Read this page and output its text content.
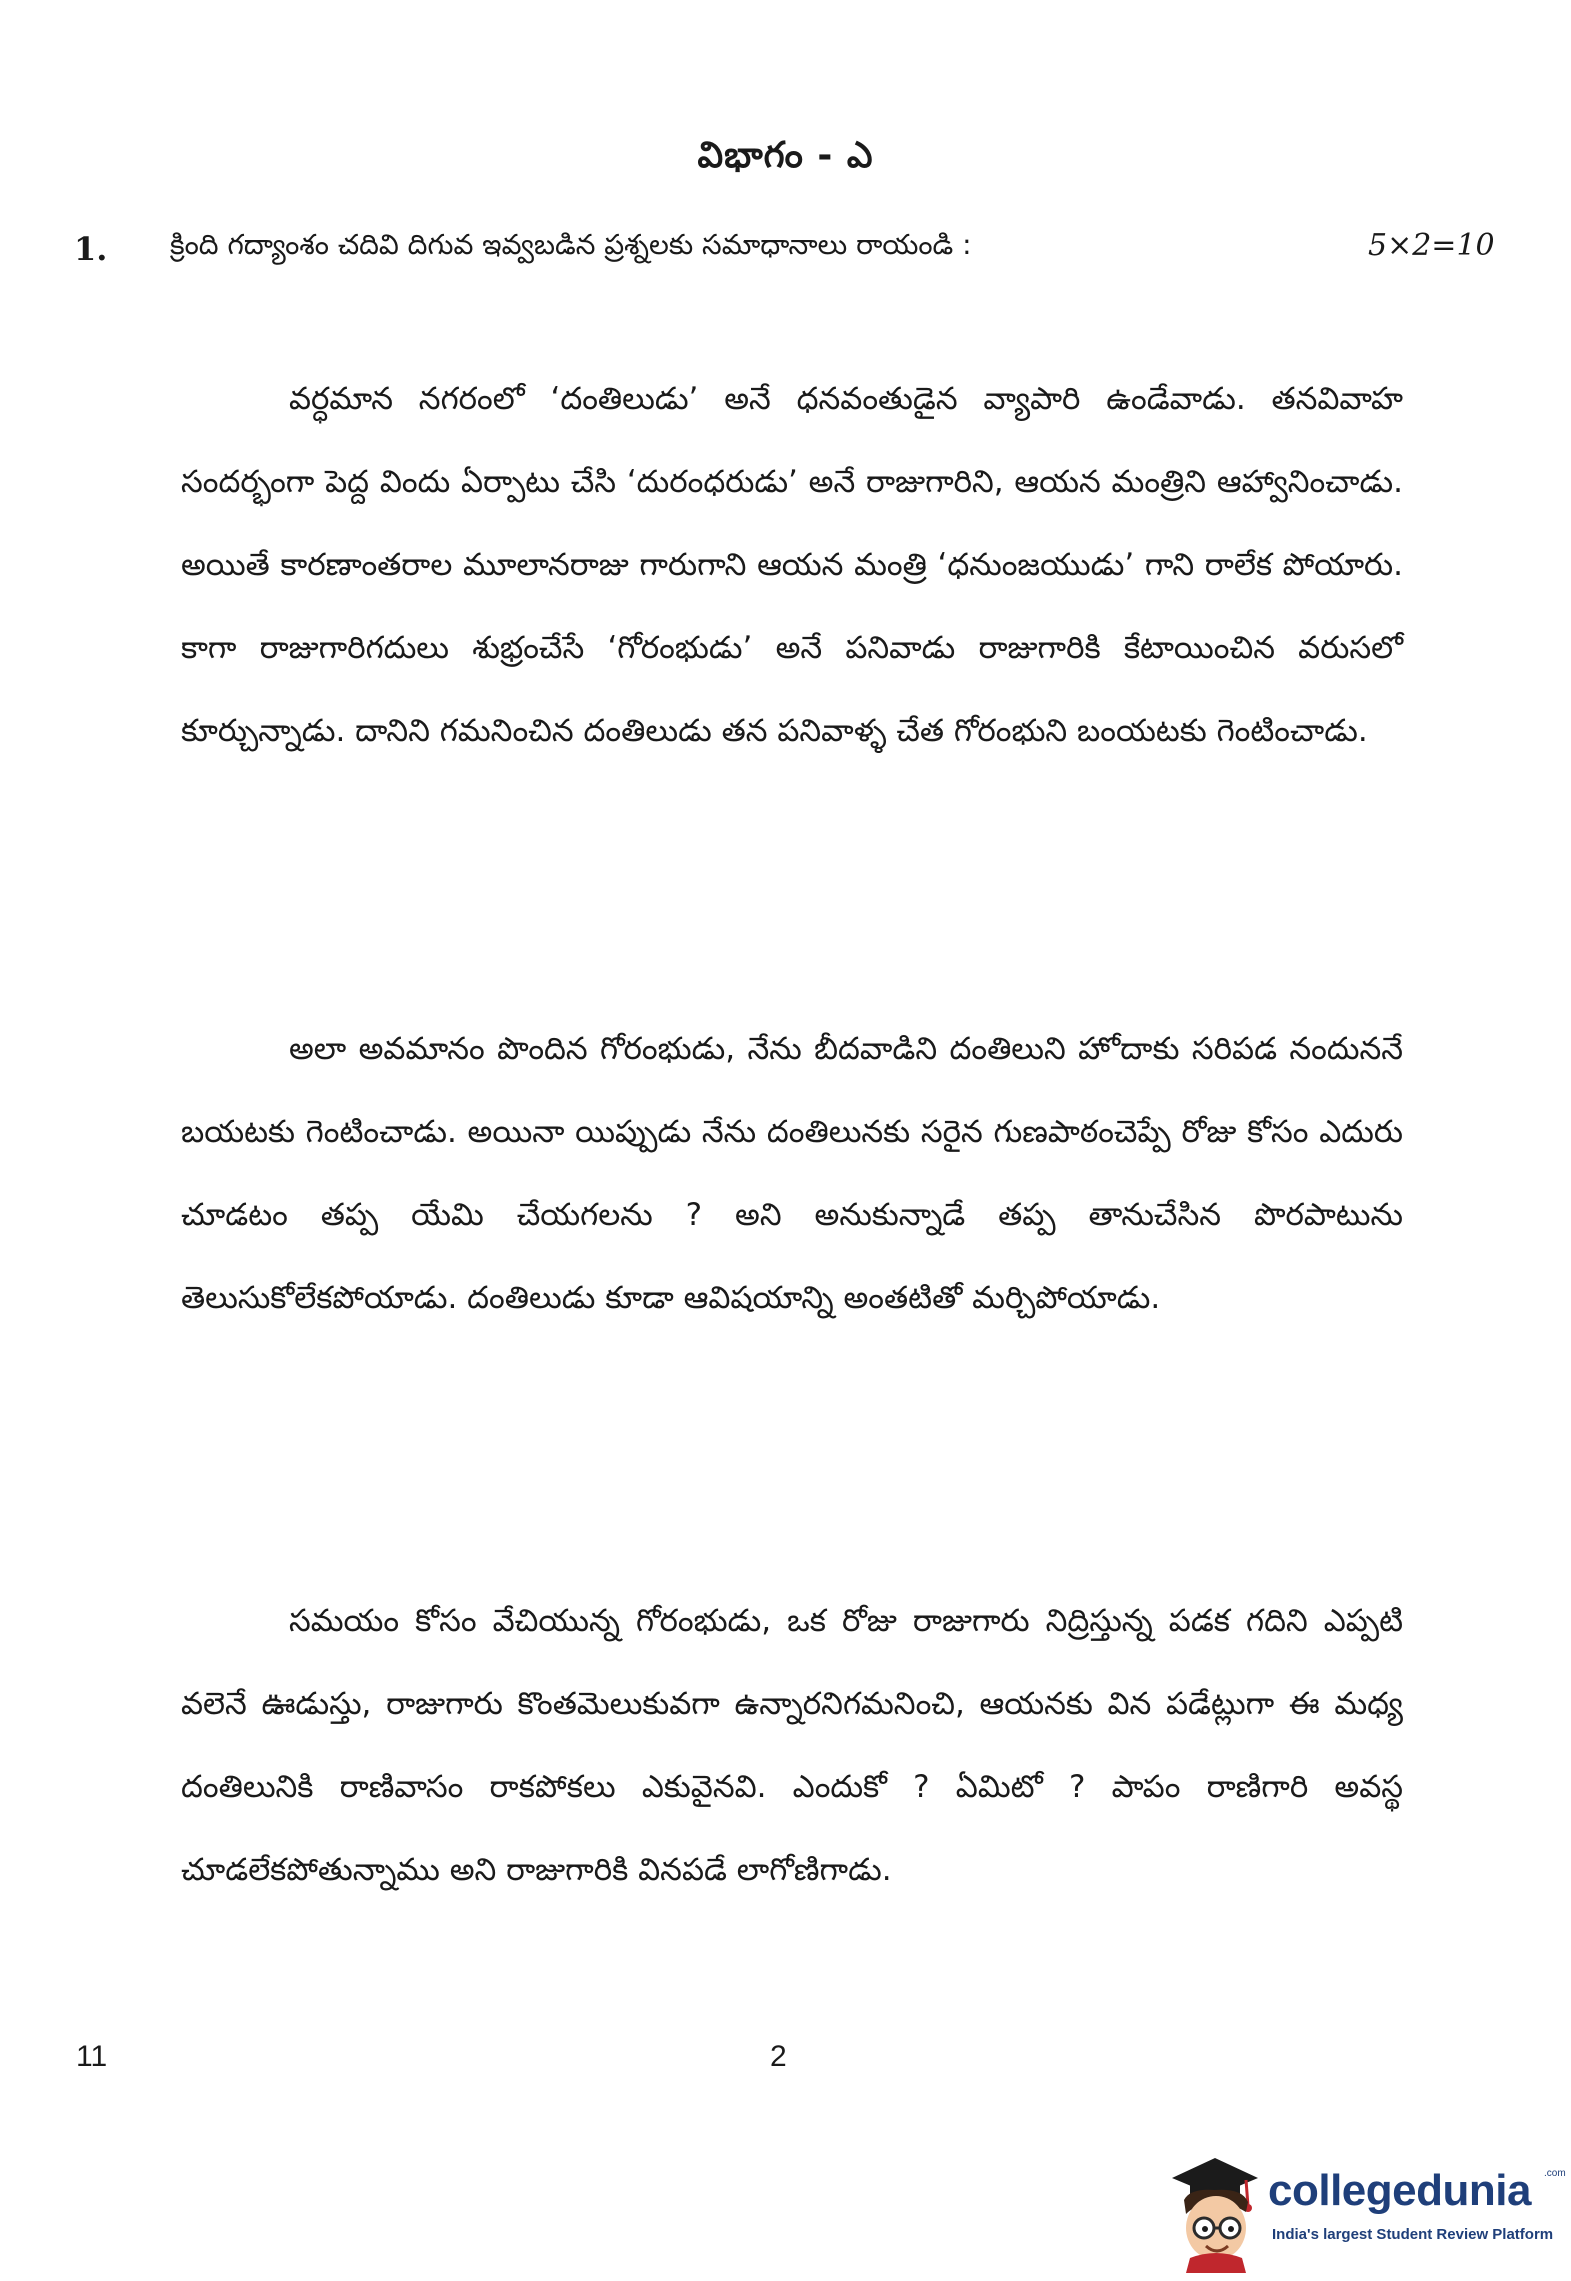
విభాగం - ఎ
1. క్రింది గద్యాంశం చదివి దిగువ ఇవ్వబడిన ప్రశ్నలకు సమాధానాలు రాయండి :	5×2=10

వర్ధమాన నగరంలో ‘దంతిలుడు’ అనే ధనవంతుడైన వ్యాపారి ఉండేవాడు. తనవివాహ సందర్భంగా పెద్ద విందు ఏర్పాటు చేసి ‘దురంధరుడు’ అనే రాజుగారిని, ఆయన మంత్రిని ఆహ్వానించాడు. అయితే కారణాంతరాల మూలానరాజు గారుగాని ఆయన మంత్రి ‘ధనుంజయుడు’ గాని రాలేక పోయారు. కాగా రాజుగారిగదులు శుభ్రంచేసే ‘గోరంభుడు’ అనే పనివాడు రాజుగారికి కేటాయించిన వరుసలో కూర్చున్నాడు. దానిని గమనించిన దంతిలుడు తన పనివాళ్ళ చేత గోరంభుని బంయటకు గెంటించాడు.

అలా అవమానం పొందిన గోరంభుడు, నేను బీదవాడిని దంతిలుని హోదాకు సరిపడ నందుననే బయటకు గెంటించాడు. అయినా యిప్పుడు నేను దంతిలునకు సరైన గుణపాఠంచెప్పే రోజు కోసం ఎదురు చూడటం తప్ప యేమి చేయగలను ? అని అనుకున్నాడే తప్ప తానుచేసిన పొరపాటును తెలుసుకోలేకపోయాడు. దంతిలుడు కూడా ఆవిషయాన్ని అంతటితో మర్చిపోయాడు.

సమయం కోసం వేచియున్న గోరంభుడు, ఒక రోజు రాజుగారు నిద్రిస్తున్న పడక గదిని ఎప్పటి వలెనే ఊడుస్తు, రాజుగారు కొంతమెలుకువగా ఉన్నారనిగమనించి, ఆయనకు విన పడేట్లుగా ఈ మధ్య దంతిలునికి రాణివాసం రాకపోకలు ఎకువైనవి. ఎందుకో ? ఏమిటో ? పాపం రాణిగారి అవస్థ చూడలేకపోతున్నాము అని రాజుగారికి వినపడే లాగోణిగాడు.

11	2
collegedunia .com
India's largest Student Review Platform
